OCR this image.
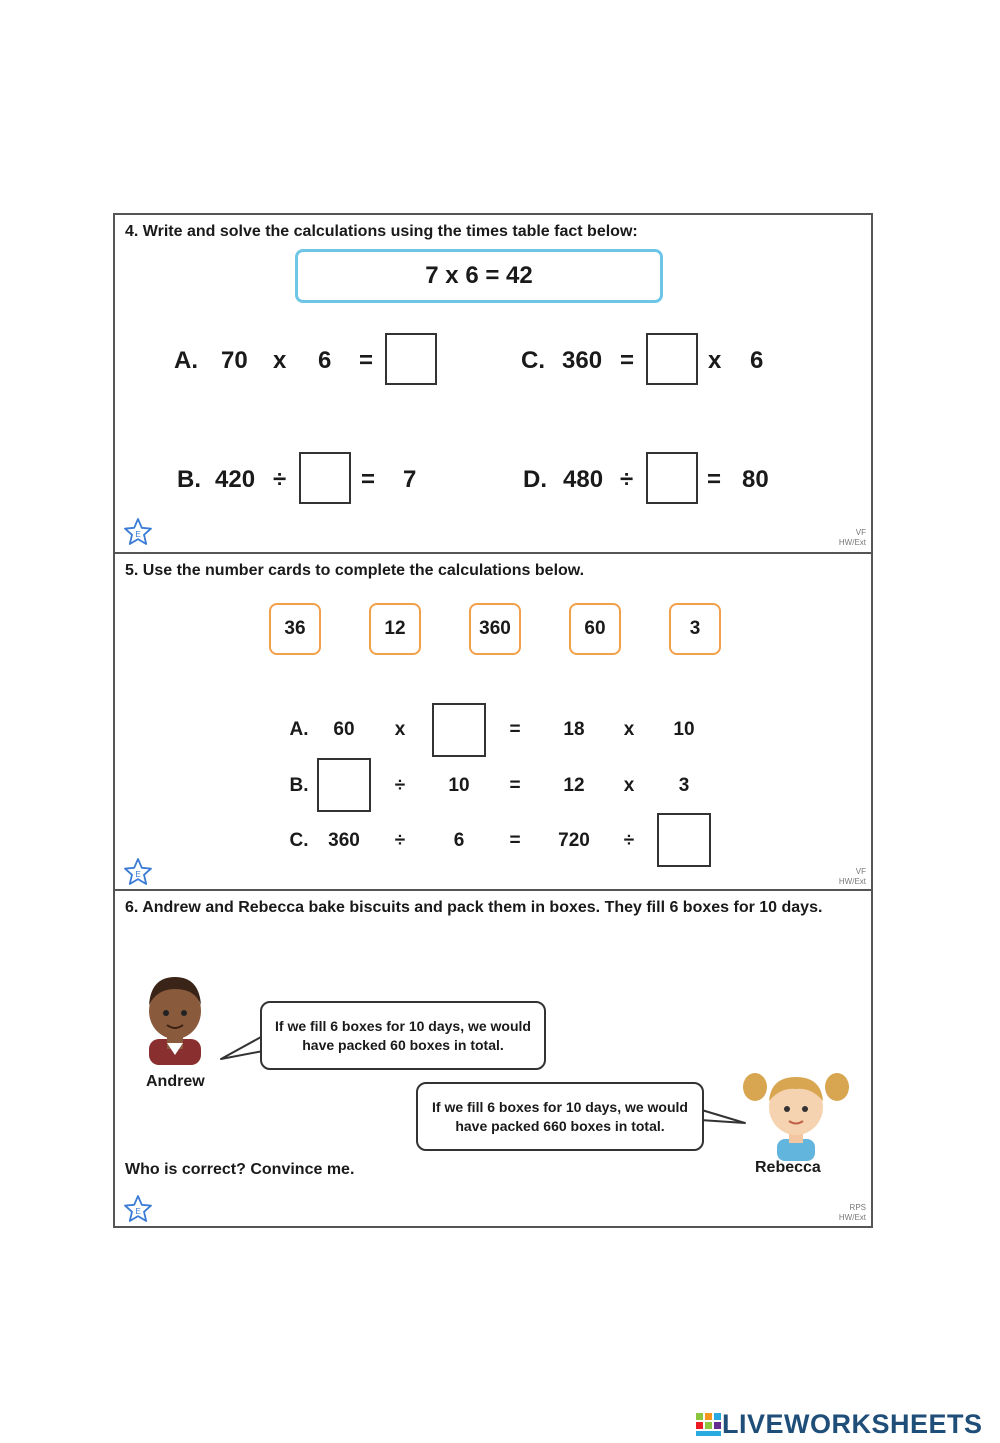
4. Write and solve the calculations using the times table fact below:
7 x 6 = 42
A. 70 x 6 =	C. 360 =	x 6
B. 420 ÷	= 7	D. 480 ÷	= 80
E	VF
HW/Ext
5. Use the number cards to complete the calculations below.
36	12	360	60	3
A. 60 x	= 18 x 10
B.	÷ 10 = 12 x 3
C. 360 ÷	6 = 720 ÷
E	VF
HW/Ext
6. Andrew and Rebecca bake biscuits and pack them in boxes. They fill 6 boxes for 10 days.
Andrew
If we fill 6 boxes for 10 days, we would have packed 60 boxes in total.
If we fill 6 boxes for 10 days, we would have packed 660 boxes in total.
Rebecca
Who is correct? Convince me.
E	RPS
HW/Ext
LIVEWORKSHEETS
